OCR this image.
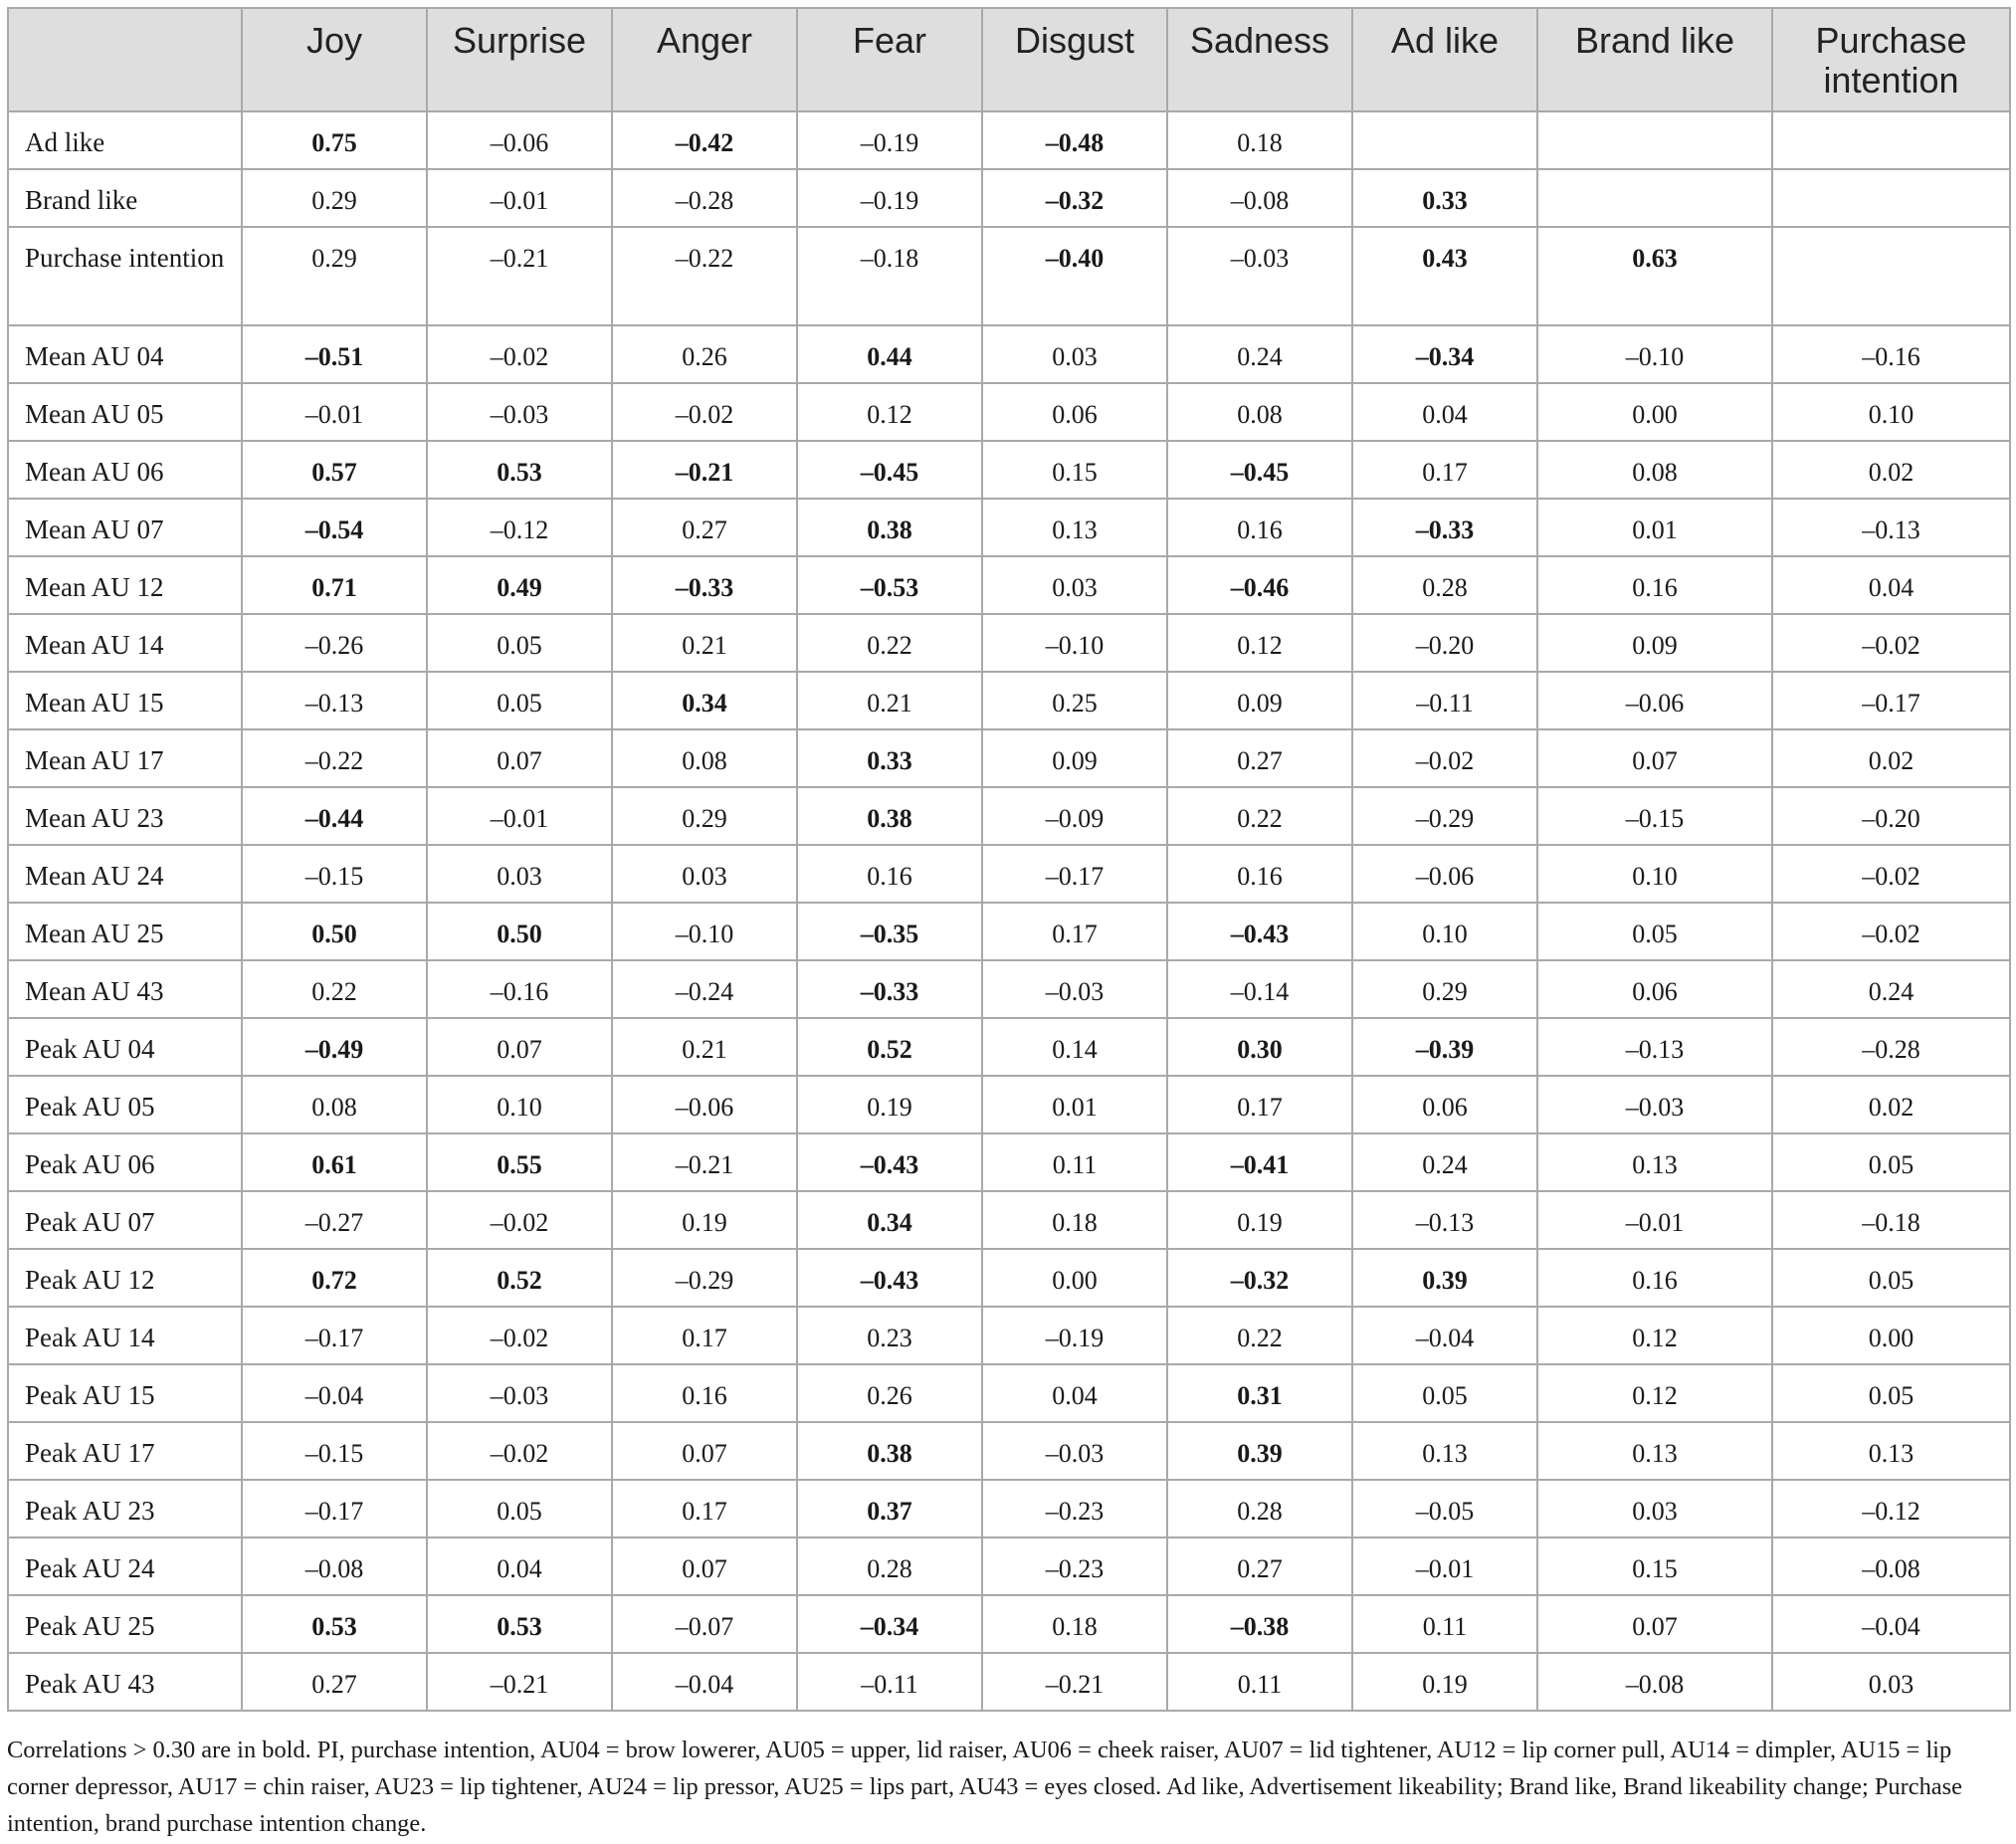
	Joy	Surprise	Anger	Fear	Disgust	Sadness	Ad like	Brand like	Purchase intention
Ad like	0.75	–0.06	–0.42	–0.19	–0.48	0.18			
Brand like	0.29	–0.01	–0.28	–0.19	–0.32	–0.08	0.33		
Purchase intention	0.29	–0.21	–0.22	–0.18	–0.40	–0.03	0.43	0.63	
Mean AU 04	–0.51	–0.02	0.26	0.44	0.03	0.24	–0.34	–0.10	–0.16
Mean AU 05	–0.01	–0.03	–0.02	0.12	0.06	0.08	0.04	0.00	0.10
Mean AU 06	0.57	0.53	–0.21	–0.45	0.15	–0.45	0.17	0.08	0.02
Mean AU 07	–0.54	–0.12	0.27	0.38	0.13	0.16	–0.33	0.01	–0.13
Mean AU 12	0.71	0.49	–0.33	–0.53	0.03	–0.46	0.28	0.16	0.04
Mean AU 14	–0.26	0.05	0.21	0.22	–0.10	0.12	–0.20	0.09	–0.02
Mean AU 15	–0.13	0.05	0.34	0.21	0.25	0.09	–0.11	–0.06	–0.17
Mean AU 17	–0.22	0.07	0.08	0.33	0.09	0.27	–0.02	0.07	0.02
Mean AU 23	–0.44	–0.01	0.29	0.38	–0.09	0.22	–0.29	–0.15	–0.20
Mean AU 24	–0.15	0.03	0.03	0.16	–0.17	0.16	–0.06	0.10	–0.02
Mean AU 25	0.50	0.50	–0.10	–0.35	0.17	–0.43	0.10	0.05	–0.02
Mean AU 43	0.22	–0.16	–0.24	–0.33	–0.03	–0.14	0.29	0.06	0.24
Peak AU 04	–0.49	0.07	0.21	0.52	0.14	0.30	–0.39	–0.13	–0.28
Peak AU 05	0.08	0.10	–0.06	0.19	0.01	0.17	0.06	–0.03	0.02
Peak AU 06	0.61	0.55	–0.21	–0.43	0.11	–0.41	0.24	0.13	0.05
Peak AU 07	–0.27	–0.02	0.19	0.34	0.18	0.19	–0.13	–0.01	–0.18
Peak AU 12	0.72	0.52	–0.29	–0.43	0.00	–0.32	0.39	0.16	0.05
Peak AU 14	–0.17	–0.02	0.17	0.23	–0.19	0.22	–0.04	0.12	0.00
Peak AU 15	–0.04	–0.03	0.16	0.26	0.04	0.31	0.05	0.12	0.05
Peak AU 17	–0.15	–0.02	0.07	0.38	–0.03	0.39	0.13	0.13	0.13
Peak AU 23	–0.17	0.05	0.17	0.37	–0.23	0.28	–0.05	0.03	–0.12
Peak AU 24	–0.08	0.04	0.07	0.28	–0.23	0.27	–0.01	0.15	–0.08
Peak AU 25	0.53	0.53	–0.07	–0.34	0.18	–0.38	0.11	0.07	–0.04
Peak AU 43	0.27	–0.21	–0.04	–0.11	–0.21	0.11	0.19	–0.08	0.03
Correlations > 0.30 are in bold. PI, purchase intention, AU04 = brow lowerer, AU05 = upper, lid raiser, AU06 = cheek raiser, AU07 = lid tightener, AU12 = lip corner pull, AU14 = dimpler, AU15 = lip corner depressor, AU17 = chin raiser, AU23 = lip tightener, AU24 = lip pressor, AU25 = lips part, AU43 = eyes closed. Ad like, Advertisement likeability; Brand like, Brand likeability change; Purchase intention, brand purchase intention change.
